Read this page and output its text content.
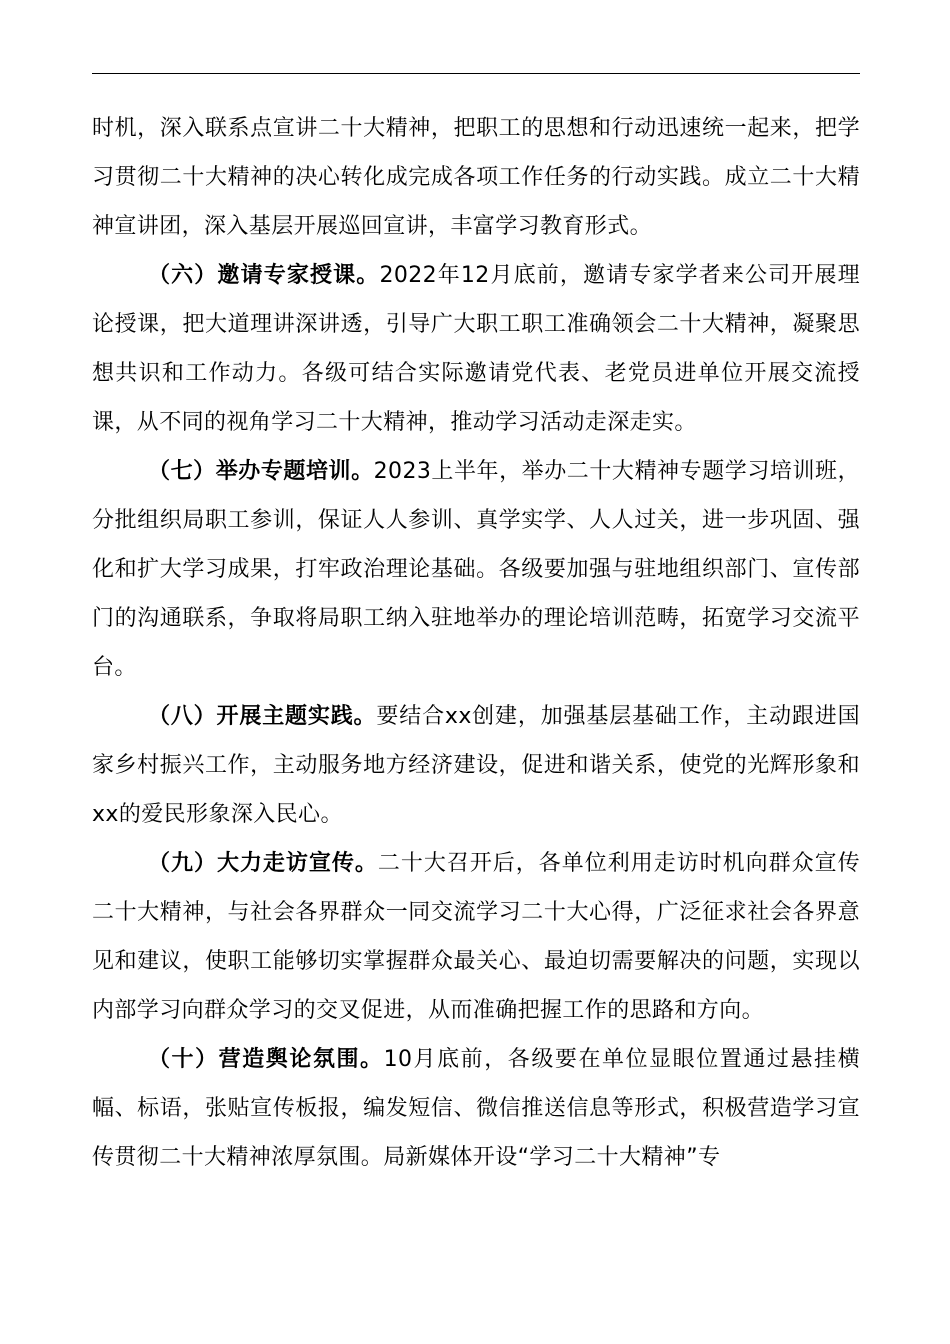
时机，深入联系点宣讲二十大精神，把职工的思想和行动迅速统一起来，把学习贯彻二十大精神的决心转化成完成各项工作任务的行动实践。成立二十大精神宣讲团，深入基层开展巡回宣讲，丰富学习教育形式。

（六）邀请专家授课。2022年12月底前，邀请专家学者来公司开展理论授课，把大道理讲深讲透，引导广大职工职工准确领会二十大精神，凝聚思想共识和工作动力。各级可结合实际邀请党代表、老党员进单位开展交流授课，从不同的视角学习二十大精神，推动学习活动走深走实。

（七）举办专题培训。2023上半年，举办二十大精神专题学习培训班，分批组织局职工参训，保证人人参训、真学实学、人人过关，进一步巩固、强化和扩大学习成果，打牢政治理论基础。各级要加强与驻地组织部门、宣传部门的沟通联系，争取将局职工纳入驻地举办的理论培训范畴，拓宽学习交流平台。

（八）开展主题实践。要结合xx创建，加强基层基础工作，主动跟进国家乡村振兴工作，主动服务地方经济建设，促进和谐关系，使党的光辉形象和xx的爱民形象深入民心。

（九）大力走访宣传。二十大召开后，各单位利用走访时机向群众宣传二十大精神，与社会各界群众一同交流学习二十大心得，广泛征求社会各界意见和建议，使职工能够切实掌握群众最关心、最迫切需要解决的问题，实现以内部学习向群众学习的交叉促进，从而准确把握工作的思路和方向。

（十）营造舆论氛围。10月底前，各级要在单位显眼位置通过悬挂横幅、标语，张贴宣传板报，编发短信、微信推送信息等形式，积极营造学习宣传贯彻二十大精神浓厚氛围。局新媒体开设“学习二十大精神”专
